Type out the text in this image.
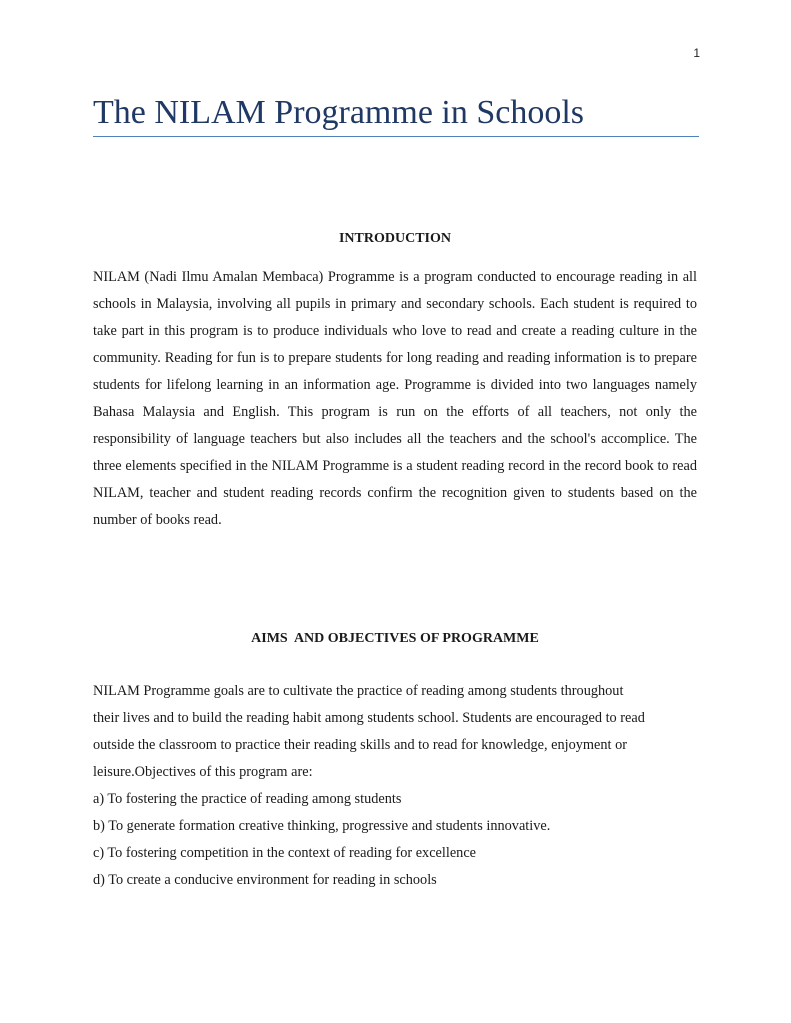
1
The NILAM Programme in Schools
INTRODUCTION

NILAM (Nadi Ilmu Amalan Membaca) Programme is a program conducted to encourage reading in all schools in Malaysia, involving all pupils in primary and secondary schools. Each student is required to take part in this program is to produce individuals who love to read and create a reading culture in the community. Reading for fun is to prepare students for long reading and reading information is to prepare students for lifelong learning in an information age. Programme is divided into two languages namely Bahasa Malaysia and English. This program is run on the efforts of all teachers, not only the responsibility of language teachers but also includes all the teachers and the school's accomplice. The three elements specified in the NILAM Programme is a student reading record in the record book to read NILAM, teacher and student reading records confirm the recognition given to students based on the number of books read.

AIMS  AND OBJECTIVES OF PROGRAMME

NILAM Programme goals are to cultivate the practice of reading among students throughout
their lives and to build the reading habit among students school. Students are encouraged to read
outside the classroom to practice their reading skills and to read for knowledge, enjoyment or
leisure.Objectives of this program are:

a) To fostering the practice of reading among students
b) To generate formation creative thinking, progressive and students innovative.
c) To fostering competition in the context of reading for excellence
d) To create a conducive environment for reading in schools
